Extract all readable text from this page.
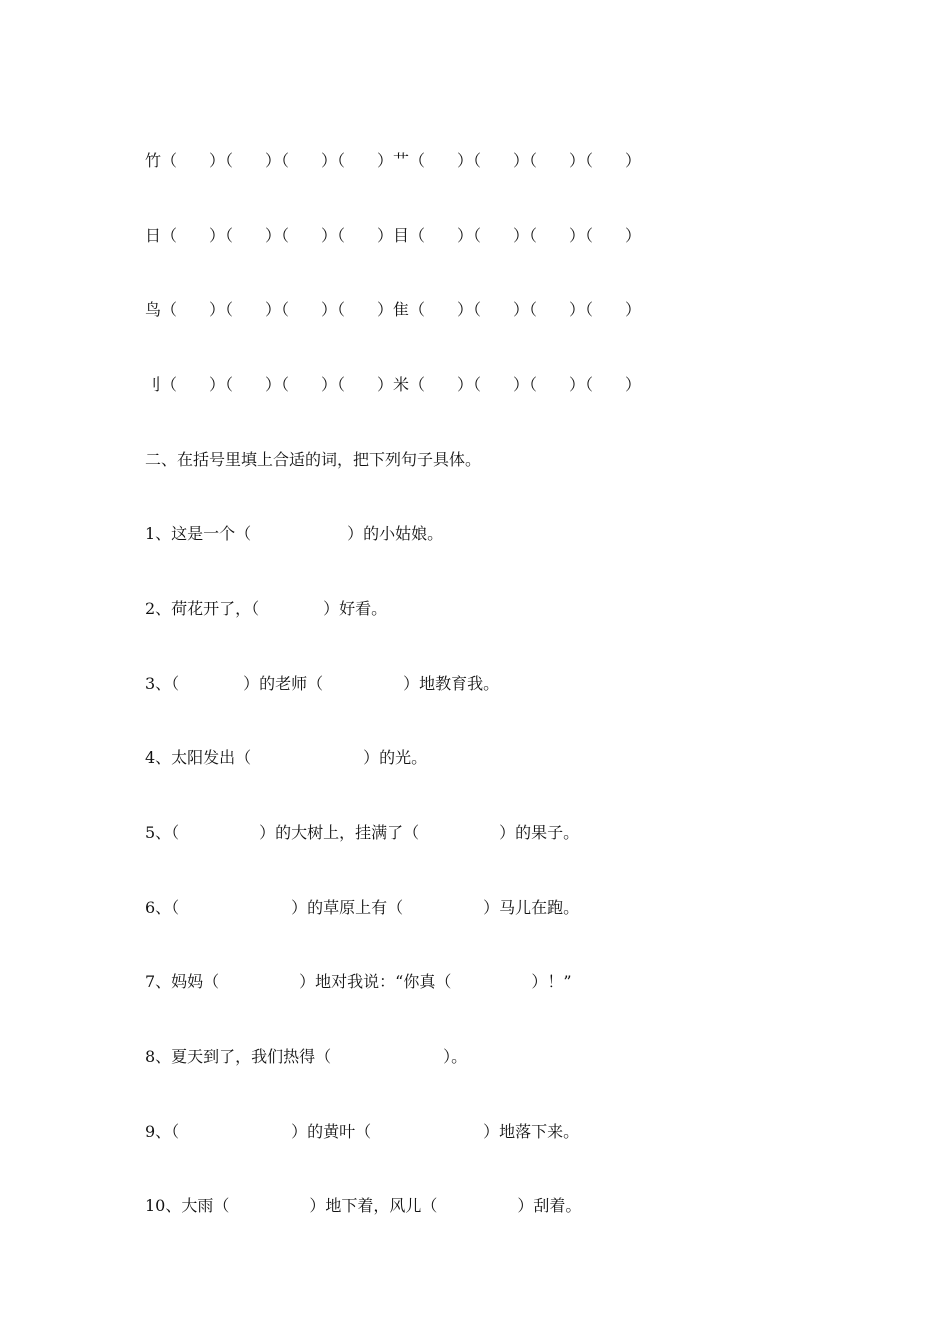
竹（　　）（　　）（　　）（　　）艹（　　）（　　）（　　）（　　）
日（　　）（　　）（　　）（　　）目（　　）（　　）（　　）（　　）
鸟（　　）（　　）（　　）（　　）隹（　　）（　　）（　　）（　　）
刂（　　）（　　）（　　）（　　）米（　　）（　　）（　　）（　　）
二、在括号里填上合适的词，把下列句子具体。
1、这是一个（　　　　　　）的小姑娘。
2、荷花开了，（　　　　）好看。
3、（　　　　）的老师（　　　　　）地教育我。
4、太阳发出（　　　　　　　）的光。
5、（　　　　　）的大树上，挂满了（　　　　　）的果子。
6、（　　　　　　　）的草原上有（　　　　　）马儿在跑。
7、妈妈（　　　　　）地对我说：“你真（　　　　　）！”
8、夏天到了，我们热得（　　　　　　　）。
9、（　　　　　　　）的黄叶（　　　　　　　）地落下来。
10、大雨（　　　　　）地下着，风儿（　　　　　）刮着。
